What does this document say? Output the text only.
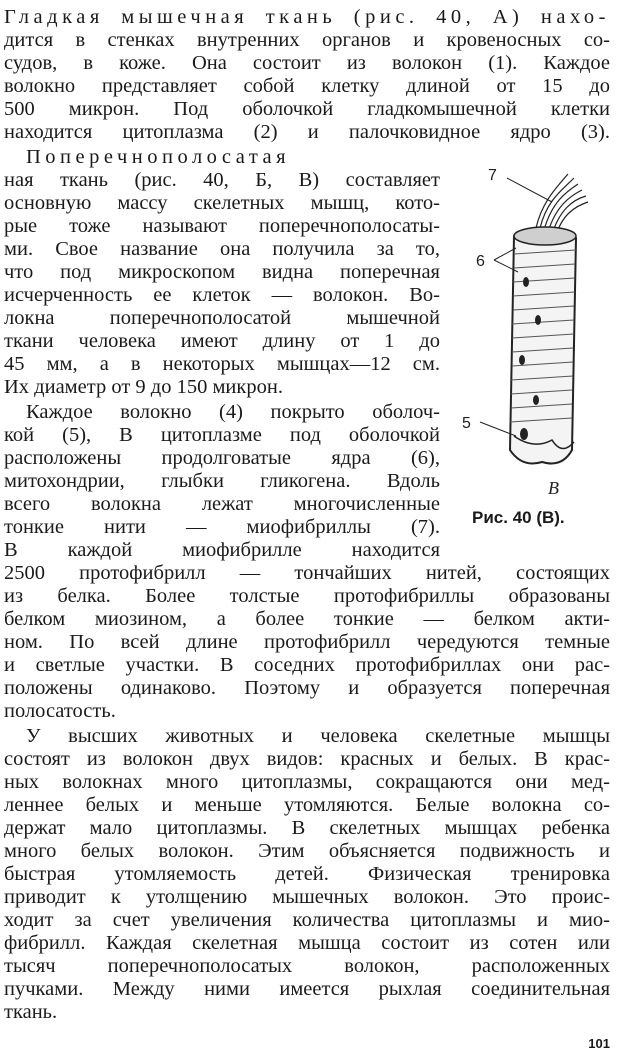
Гладкая мышечная ткань (рис. 40, А) нахо-
дится в стенках внутренних органов и кровеносных со-
судов, в коже. Она состоит из волокон (1). Каждое
волокно представляет собой клетку длиной от 15 до
500 микрон. Под оболочкой гладкомышечной клетки
находится цитоплазма (2) и палочковидное ядро (3).
Поперечнополосатая
ная ткань (рис. 40, Б, В) составляет
основную массу скелетных мышц, кото-
рые тоже называют поперечнополосаты-
ми. Свое название она получила за то,
что под микроскопом видна поперечная
исчерченность ее клеток — волокон. Во-
локна поперечнополосатой мышечной
ткани человека имеют длину от 1 до
45 мм, а в некоторых мышцах—12 см.
Их диаметр от 9 до 150 микрон.
Каждое волокно (4) покрыто оболоч-
кой (5), В цитоплазме под оболочкой
расположены продолговатые ядра (6),
митохондрии, глыбки гликогена. Вдоль
всего волокна лежат многочисленные
тонкие нити — миофибриллы (7).
В каждой миофибрилле находится
2500 протофибрилл — тончайших нитей, состоящих
из белка. Более толстые протофибриллы образованы
белком миозином, а более тонкие — белком акти-
ном. По всей длине протофибрилл чередуются темные
и светлые участки. В соседних протофибриллах они рас-
положены одинаково. Поэтому и образуется поперечная
полосатость.
У высших животных и человека скелетные мышцы
состоят из волокон двух видов: красных и белых. В крас-
ных волокнах много цитоплазмы, сокращаются они мед-
леннее белых и меньше утомляются. Белые волокна со-
держат мало цитоплазмы. В скелетных мышцах ребенка
много белых волокон. Этим объясняется подвижность и
быстрая утомляемость детей. Физическая тренировка
приводит к утолщению мышечных волокон. Это проис-
ходит за счет увеличения количества цитоплазмы и мио-
фибрилл. Каждая скелетная мышца состоит из сотен или
тысяч поперечнополосатых волокон, расположенных
пучками. Между ними имеется рыхлая соединительная
ткань.
7
6
5
В
Рис. 40 (В).
101
